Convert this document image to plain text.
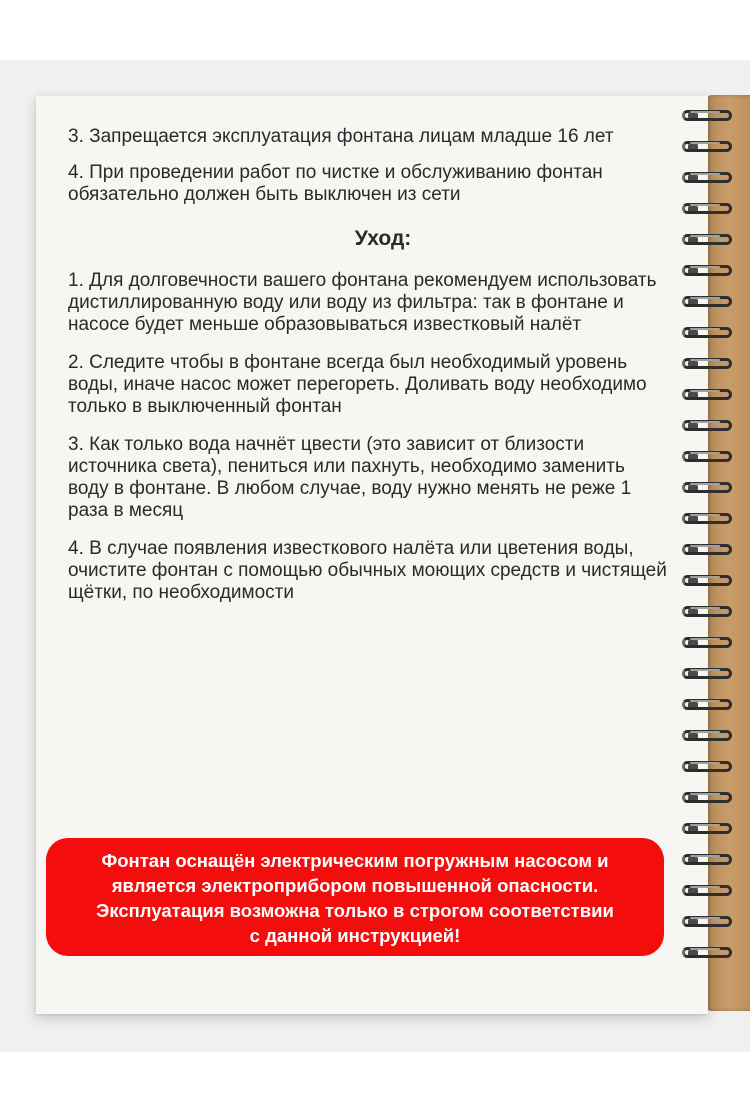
3. Запрещается эксплуатация фонтана лицам младше 16 лет

4. При проведении работ по чистке и обслуживанию фонтан обязательно должен быть выключен из сети

Уход:

1. Для долговечности вашего фонтана рекомендуем использовать дистиллированную воду или воду из фильтра: так в фонтане и насосе будет меньше образовываться известковый налёт

2. Следите чтобы в фонтане всегда был необходимый уровень воды, иначе насос может перегореть. Доливать воду необходимо только в выключенный фонтан

3. Как только вода начнёт цвести (это зависит от близости источника света), пениться или пахнуть, необходимо заменить воду в фонтане. В любом случае, воду нужно менять не реже 1 раза в месяц

4. В случае появления известкового налёта или цветения воды, очистите фонтан с помощью обычных моющих средств и чистящей щётки, по необходимости

Фонтан оснащён электрическим погружным насосом и
является электроприбором повышенной опасности.
Эксплуатация возможна только в строгом соответствии
с данной инструкцией!
